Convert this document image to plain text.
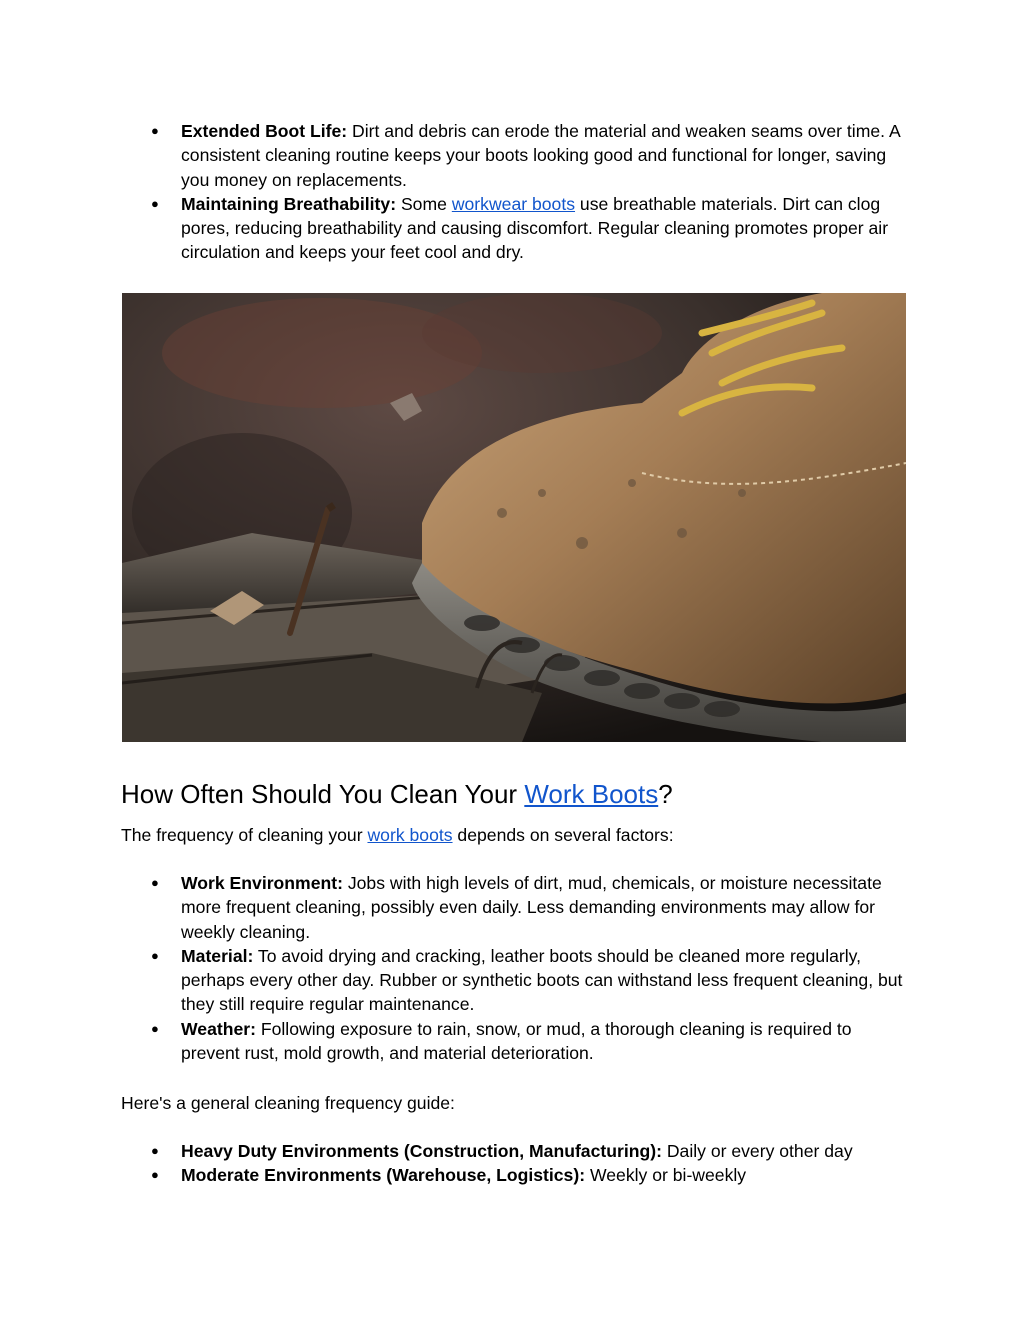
● Extended Boot Life: Dirt and debris can erode the material and weaken seams over time. A consistent cleaning routine keeps your boots looking good and functional for longer, saving you money on replacements.
● Maintaining Breathability: Some workwear boots use breathable materials. Dirt can clog pores, reducing breathability and causing discomfort. Regular cleaning promotes proper air circulation and keeps your feet cool and dry.
How Often Should You Clean Your Work Boots?

The frequency of cleaning your work boots depends on several factors:

● Work Environment: Jobs with high levels of dirt, mud, chemicals, or moisture necessitate more frequent cleaning, possibly even daily. Less demanding environments may allow for weekly cleaning.
● Material: To avoid drying and cracking, leather boots should be cleaned more regularly, perhaps every other day. Rubber or synthetic boots can withstand less frequent cleaning, but they still require regular maintenance.
● Weather: Following exposure to rain, snow, or mud, a thorough cleaning is required to prevent rust, mold growth, and material deterioration.

Here's a general cleaning frequency guide:

● Heavy Duty Environments (Construction, Manufacturing): Daily or every other day
● Moderate Environments (Warehouse, Logistics): Weekly or bi-weekly
